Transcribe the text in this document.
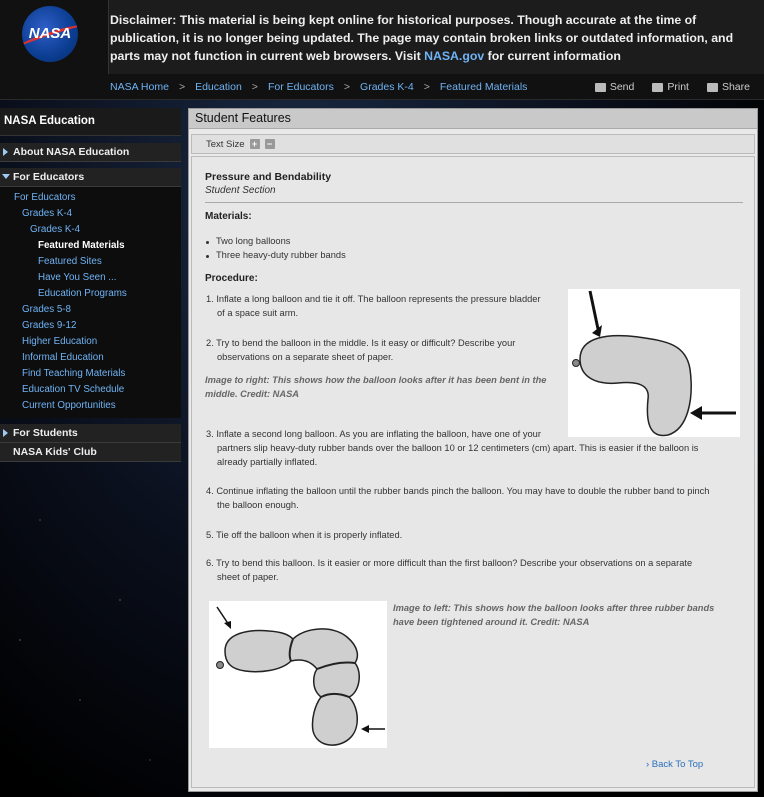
NASA
Disclaimer: This material is being kept online for historical purposes. Though accurate at the time of publication, it is no longer being updated. The page may contain broken links or outdated information, and parts may not function in current web browsers. Visit NASA.gov for current information
NASA Home > Education > For Educators > Grades K-4 > Featured Materials	Send	Print	Share
NASA Education
About NASA Education
For Educators
For Educators
Grades K-4
Grades K-4
Featured Materials
Featured Sites
Have You Seen ...
Education Programs
Grades 5-8
Grades 9-12
Higher Education
Informal Education
Find Teaching Materials
Education TV Schedule
Current Opportunities
For Students
NASA Kids' Club
Student Features
Text Size + −
Pressure and Bendability
Student Section
Materials:
Two long balloons
Three heavy-duty rubber bands
Procedure:
1. Inflate a long balloon and tie it off. The balloon represents the pressure bladder
of a space suit arm.
2. Try to bend the balloon in the middle. Is it easy or difficult? Describe your
observations on a separate sheet of paper.
Image to right: This shows how the balloon looks after it has been bent in the
middle. Credit: NASA
3. Inflate a second long balloon. As you are inflating the balloon, have one of your
partners slip heavy-duty rubber bands over the balloon 10 or 12 centimeters (cm) apart. This is easier if the balloon is
already partially inflated.
4. Continue inflating the balloon until the rubber bands pinch the balloon. You may have to double the rubber band to pinch
the balloon enough.
5. Tie off the balloon when it is properly inflated.
6. Try to bend this balloon. Is it easier or more difficult than the first balloon? Describe your observations on a separate
sheet of paper.
Image to left: This shows how the balloon looks after three rubber bands
have been tightened around it. Credit: NASA
› Back To Top
